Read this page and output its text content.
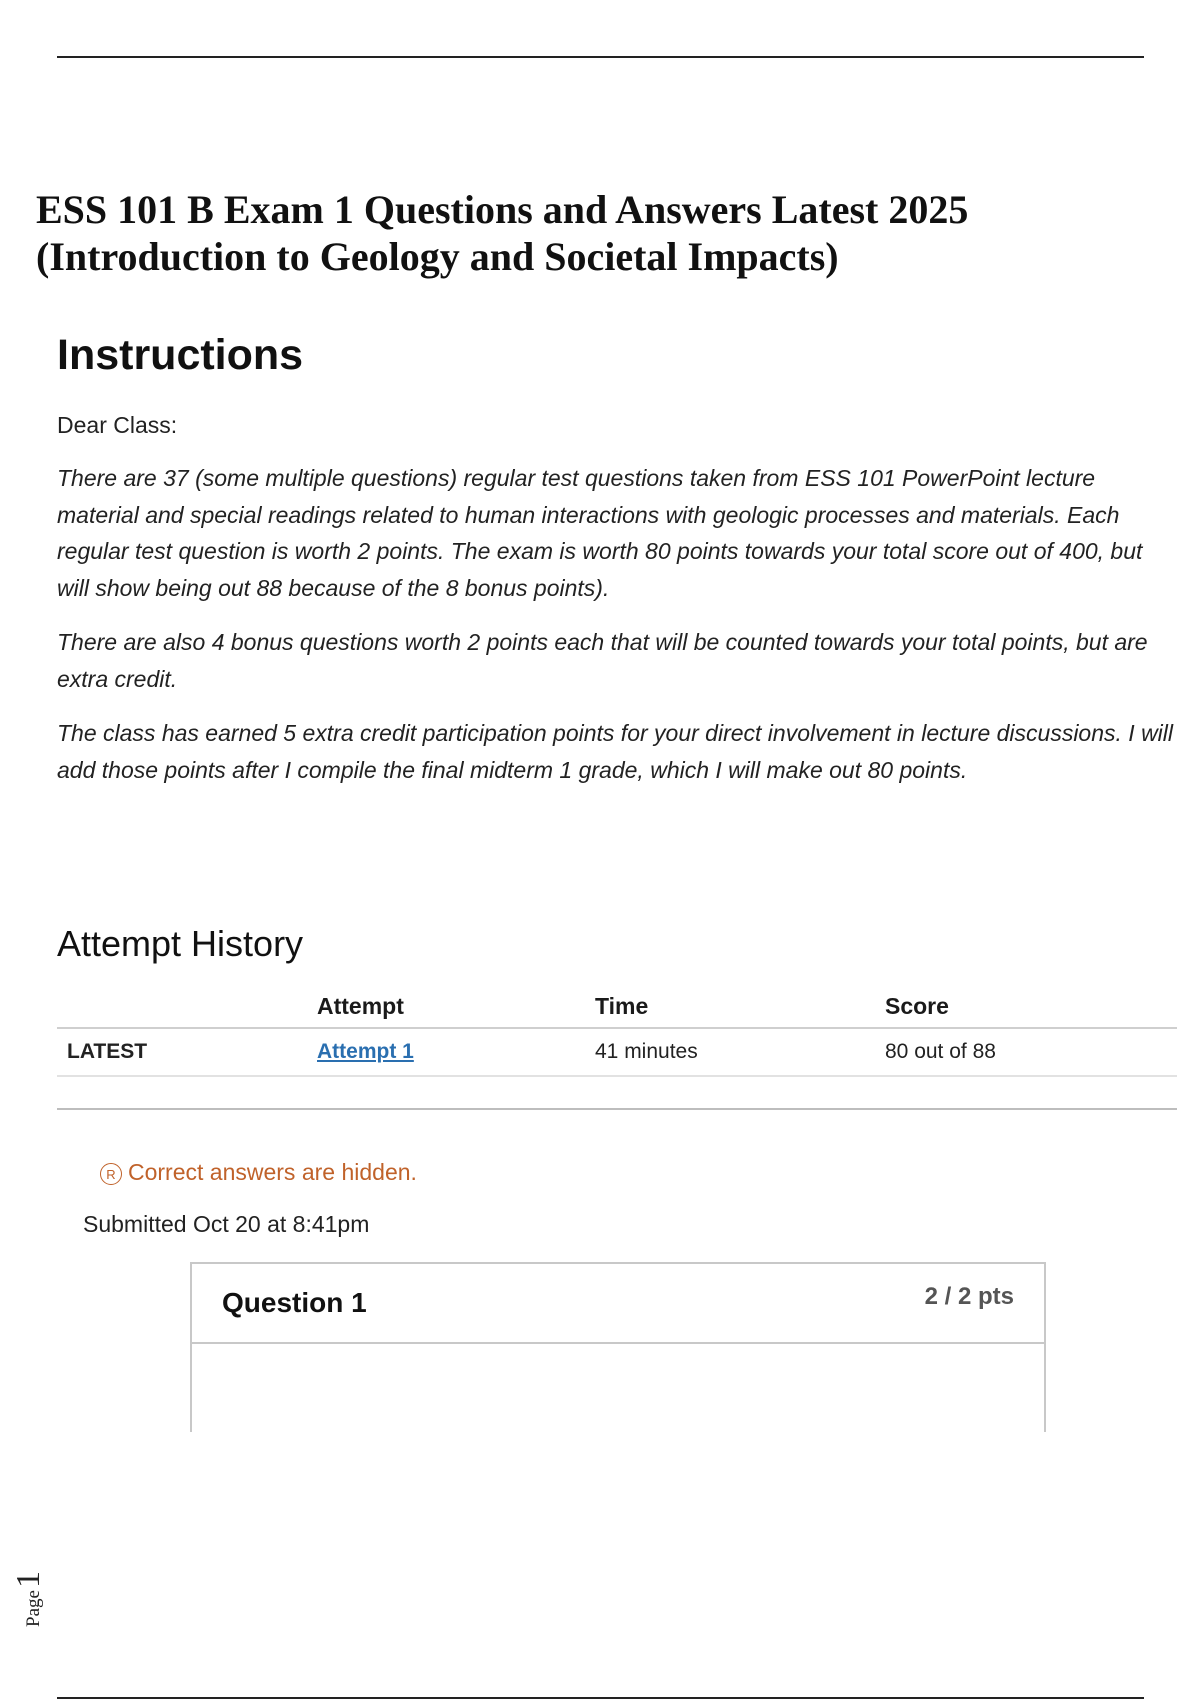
ESS 101 B Exam 1 Questions and Answers Latest 2025
(Introduction to Geology and Societal Impacts)
Instructions

Dear Class:

There are 37 (some multiple questions) regular test questions taken from ESS 101 PowerPoint lecture material and special readings related to human interactions with geologic processes and materials. Each regular test question is worth 2 points. The exam is worth 80 points towards your total score out of 400, but will show being out 88 because of the 8 bonus points).

There are also 4 bonus questions worth 2 points each that will be counted towards your total points, but are extra credit.

The class has earned 5 extra credit participation points for your direct involvement in lecture discussions. I will add those points after I compile the final midterm 1 grade, which I will make out 80 points.

Attempt History
	Attempt	Time	Score
LATEST	Attempt 1	41 minutes	80 out of 88
R Correct answers are hidden.

Submitted Oct 20 at 8:41pm

Question 1	2 / 2 pts
Page1
